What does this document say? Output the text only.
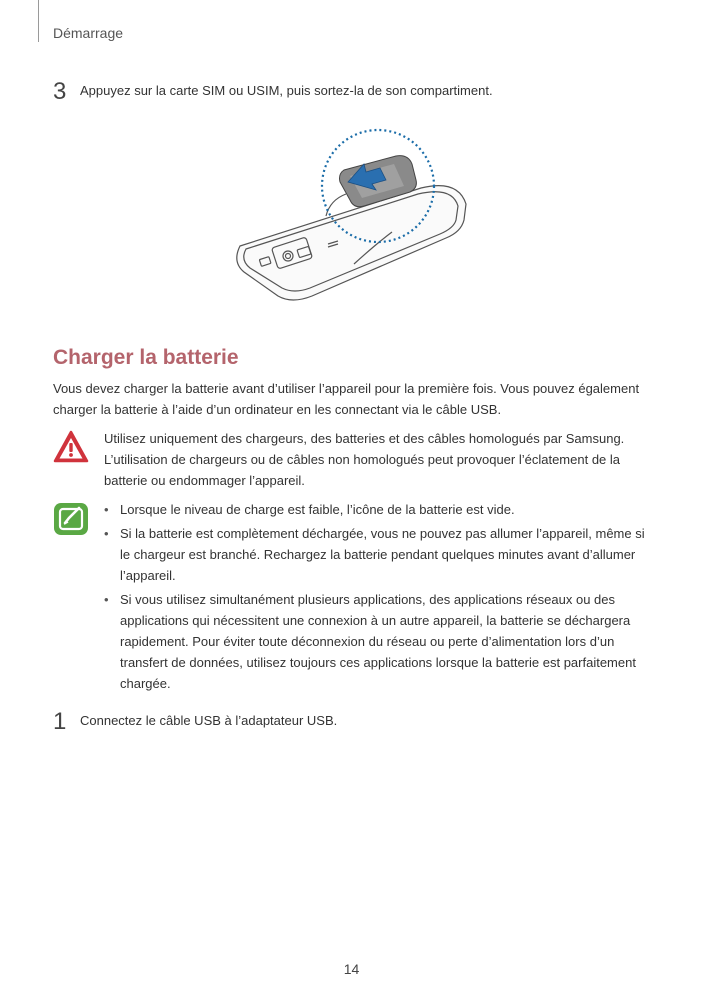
Démarrage
3 Appuyez sur la carte SIM ou USIM, puis sortez-la de son compartiment.
Charger la batterie
Vous devez charger la batterie avant d’utiliser l’appareil pour la première fois. Vous pouvez également charger la batterie à l’aide d’un ordinateur en les connectant via le câble USB.
Utilisez uniquement des chargeurs, des batteries et des câbles homologués par Samsung. L’utilisation de chargeurs ou de câbles non homologués peut provoquer l’éclatement de la batterie ou endommager l’appareil.
• Lorsque le niveau de charge est faible, l’icône de la batterie est vide.
• Si la batterie est complètement déchargée, vous ne pouvez pas allumer l’appareil, même si le chargeur est branché. Rechargez la batterie pendant quelques minutes avant d’allumer l’appareil.
• Si vous utilisez simultanément plusieurs applications, des applications réseaux ou des applications qui nécessitent une connexion à un autre appareil, la batterie se déchargera rapidement. Pour éviter toute déconnexion du réseau ou perte d’alimentation lors d’un transfert de données, utilisez toujours ces applications lorsque la batterie est parfaitement chargée.
1 Connectez le câble USB à l’adaptateur USB.
14
